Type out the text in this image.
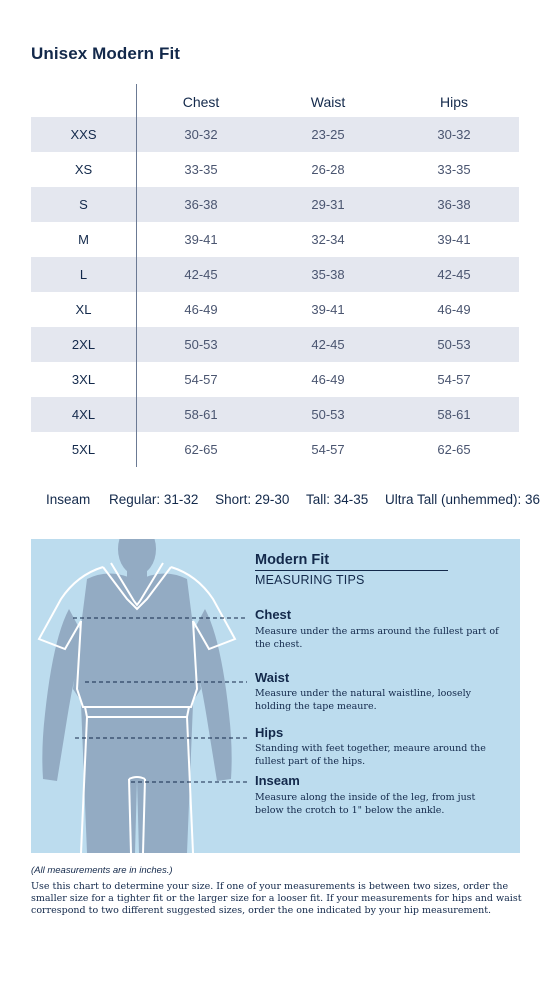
Unisex Modern Fit
Chest	Waist	Hips
XXS	30-32	23-25	30-32
XS	33-35	26-28	33-35
S	36-38	29-31	36-38
M	39-41	32-34	39-41
L	42-45	35-38	42-45
XL	46-49	39-41	46-49
2XL	50-53	42-45	50-53
3XL	54-57	46-49	54-57
4XL	58-61	50-53	58-61
5XL	62-65	54-57	62-65
Inseam Regular: 31-32 Short: 29-30 Tall: 34-35 Ultra Tall (unhemmed): 36
Modern Fit
MEASURING TIPS
Chest
Measure under the arms around the fullest part of the chest.
Waist
Measure under the natural waistline, loosely holding the tape meaure.
Hips
Standing with feet together, meaure around the fullest part of the hips.
Inseam
Measure along the inside of the leg, from just below the crotch to 1" below the ankle.
(All measurements are in inches.)
Use this chart to determine your size. If one of your measurements is between two sizes, order the smaller size for a tighter fit or the larger size for a looser fit. If your measurements for hips and waist correspond to two different suggested sizes, order the one indicated by your hip measurement.
